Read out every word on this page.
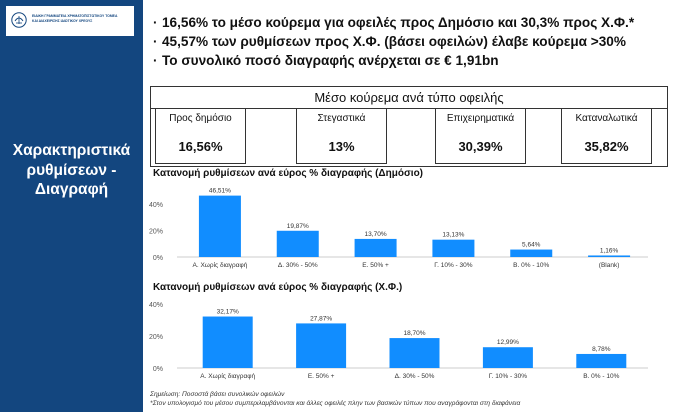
ΕΙΔΙΚΗ ΓΡΑΜΜΑΤΕΙΑ ΧΡΗΜΑΤΟΠΙΣΤΩΤΙΚΟΥ ΤΟΜΕΑ
ΚΑΙ ΔΙΑΧΕΙΡΙΣΗΣ ΙΔΙΩΤΙΚΟΥ ΧΡΕΟΥΣ
Χαρακτηριστικά
ρυθμίσεων -
Διαγραφή
· 16,56% το μέσο κούρεμα για οφειλές προς Δημόσιο και 30,3% προς Χ.Φ.*
· 45,57% των ρυθμίσεων προς Χ.Φ. (βάσει οφειλών) έλαβε κούρεμα >30%
· Το συνολικό ποσό διαγραφής ανέρχεται σε € 1,91bn
Μέσο κούρεμα ανά τύπο οφειλής
Προς δημόσιο
16,56%
Στεγαστικά
13%
Επιχειρηματικά
30,39%
Καταναλωτικά
35,82%
Κατανομή ρυθμίσεων ανά εύρος % διαγραφής (Δημόσιο)
40%
20%
0%
46,51%
Α. Χωρίς διαγραφή
19,87%
Δ. 30% - 50%
13,70%
Ε. 50% +
13,13%
Γ. 10% - 30%
5,64%
Β. 0% - 10%
1,16%
(Blank)
Κατανομή ρυθμίσεων ανά εύρος % διαγραφής (Χ.Φ.)
40%
20%
0%
32,17%
Α. Χωρίς διαγραφή
27,87%
Ε. 50% +
18,70%
Δ. 30% - 50%
12,99%
Γ. 10% - 30%
8,78%
Β. 0% - 10%
Σημείωση: Ποσοστά βάσει συνολικών οφειλών
*Στον υπολογισμό του μέσου συμπεριλαμβάνονται και άλλες οφειλές πλην των βασικών τύπων που αναγράφονται στη διαφάνεια
